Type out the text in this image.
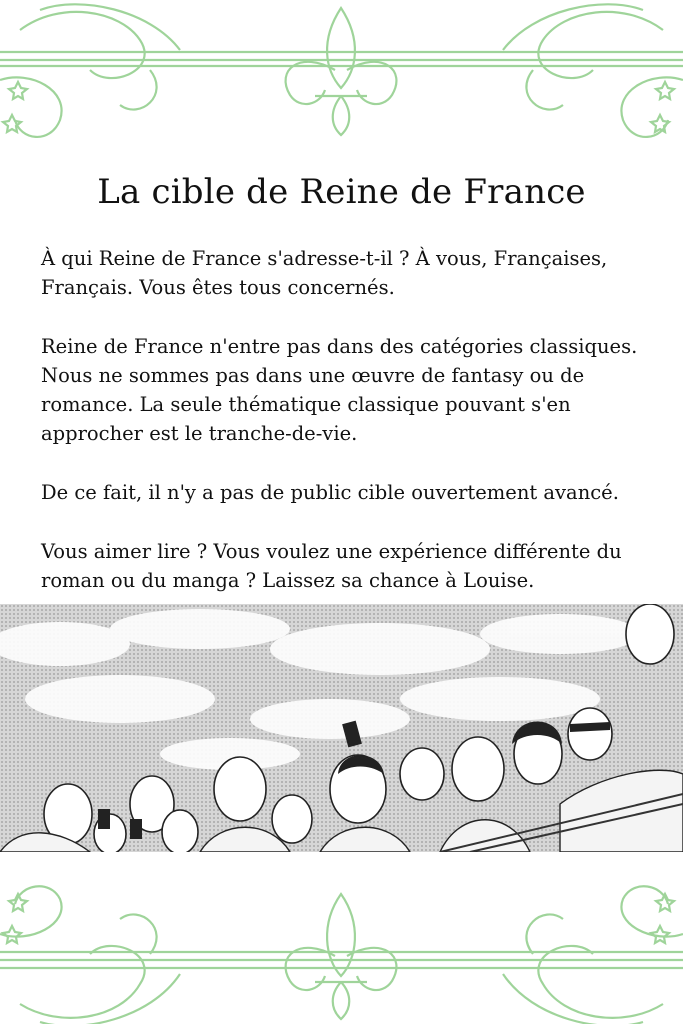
La cible de Reine de France

À qui Reine de France s'adresse-t-il ? À vous, Françaises, Français. Vous êtes tous concernés.

Reine de France n'entre pas dans des catégories classiques. Nous ne sommes pas dans une œuvre de fantasy ou de romance. La seule thématique classique pouvant s'en approcher est le tranche-de-vie.

De ce fait, il n'y a pas de public cible ouvertement avancé.

Vous aimer lire ? Vous voulez une expérience différente du roman ou du manga ? Laissez sa chance à Louise.
